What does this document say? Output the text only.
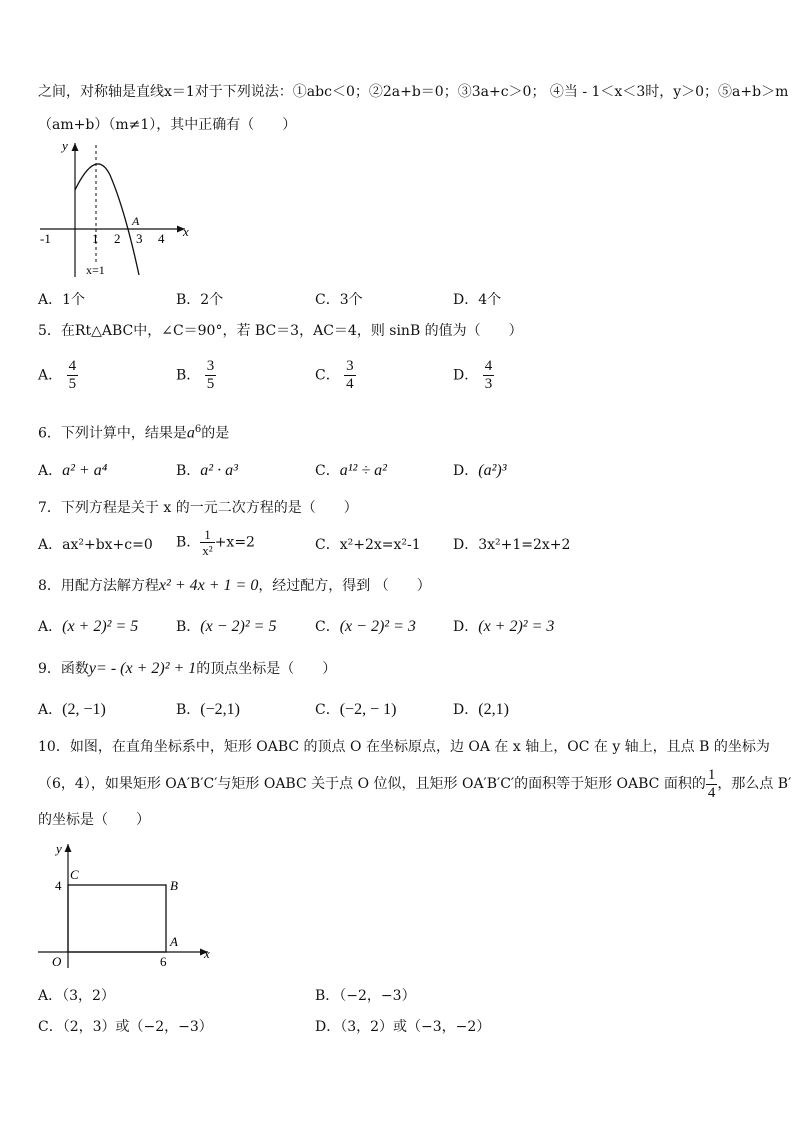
之间，对称轴是直线x＝1对于下列说法：①abc＜0；②2a+b＝0；③3a+c＞0； ④当 - 1＜x＜3时，y＞0；⑤a+b＞m
（am+b）（m≠1），其中正确有（　　）
y
x
-1	1 2 3 4
A
x=1
A．1个	B．2个	C．3个	D．4个
5．在Rt△ABC中，∠C＝90°，若 BC＝3，AC＝4，则 sinB 的值为（　　）
A． $\frac{4}{5}$	B． $\frac{3}{5}$	C． $\frac{3}{4}$	D． $\frac{4}{3}$
6．下列计算中，结果是$a^6$的是
A．a² + a⁴	B．a² · a³	C．a¹² ÷ a²	D．(a²)³
7．下列方程是关于 x 的一元二次方程的是（　　）
A．ax²+bx+c=0 B． $\frac{1}{\text{x²}} +x=2$	C．x²+2x=x²-1 D．3x²+1=2x+2
8．用配方法解方程x² + 4x + 1 = 0，经过配方，得到 （　　）
A．(x + 2)² = 5	B．(x − 2)² = 5	C．(x − 2)² = 3	D．(x + 2)² = 3
9．函数y= - (x + 2)² + 1的顶点坐标是（　　）
A．(2, −1)	B．(−2,1)	C．(−2, − 1)	D．(2,1)
10．如图，在直角坐标系中，矩形 OABC 的顶点 O 在坐标原点，边 OA 在 x 轴上，OC 在 y 轴上，且点 B 的坐标为
（6，4），如果矩形 OA′B′C′与矩形 OABC 关于点 O 位似，且矩形 OA′B′C′的面积等于矩形 OABC 面积的 $\frac{1}{4}$ ，那么点 B′
的坐标是（　　）
y
x
C
B
A
O
4
6
A．（3，2）	B．（−2，−3）
C．（2，3）或（−2，−3）	D．（3，2）或（−3，−2）
